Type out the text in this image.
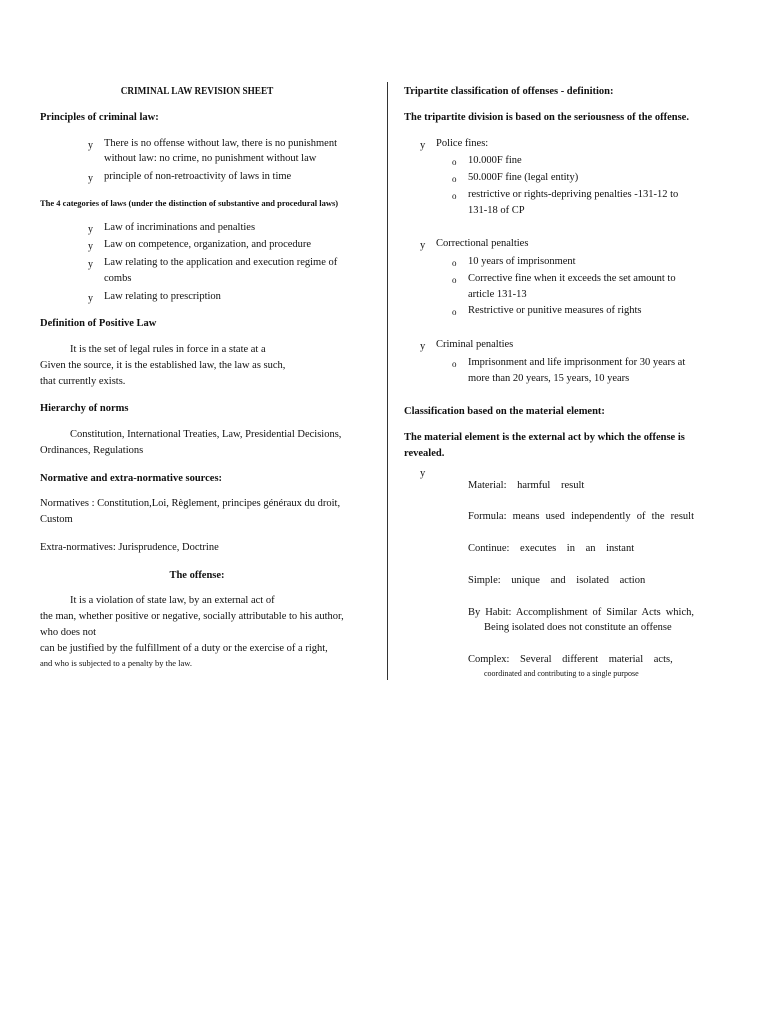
CRIMINAL LAW REVISION SHEET
Principles of criminal law:
y There is no offense without law, there is no punishment without law: no crime, no punishment without law
y principle of non-retroactivity of laws in time
The 4 categories of laws (under the distinction of substantive and procedural laws)
y Law of incriminations and penalties
y Law on competence, organization, and procedure
y Law relating to the application and execution regime of combs
y Law relating to prescription
Definition of Positive Law
It is the set of legal rules in force in a state at a
Given the source, it is the established law, the law as such,
that currently exists.
Hierarchy of norms
Constitution, International Treaties, Law, Presidential Decisions,
Ordinances, Regulations
Normative and extra-normative sources:
Normatives : Constitution,Loi, Règlement, principes généraux du droit,
Custom
Extra-normatives: Jurisprudence, Doctrine
The offense:
It is a violation of state law, by an external act of
the man, whether positive or negative, socially attributable to his author, who does not
can be justified by the fulfillment of a duty or the exercise of a right,
and who is subjected to a penalty by the law.
Tripartite classification of offenses - definition:
The tripartite division is based on the seriousness of the offense.
y Police fines:
o 10.000F fine
o 50.000F fine (legal entity)
o restrictive or rights-depriving penalties -131-12 to 131-18 of CP
y Correctional penalties
o 10 years of imprisonment
o Corrective fine when it exceeds the set amount to article 131-13
o Restrictive or punitive measures of rights
y Criminal penalties
o Imprisonment and life imprisonment for 30 years at more than 20 years, 15 years, 10 years
Classification based on the material element:
The material element is the external act by which the offense is revealed.
y
Material: harmful result
Formula: means used independently of the result
Continue: executes in an instant
Simple: unique and isolated action
By Habit: Accomplishment of Similar Acts which,
Being isolated does not constitute an offense
Complex: Several different material acts,
coordinated and contributing to a single purpose
